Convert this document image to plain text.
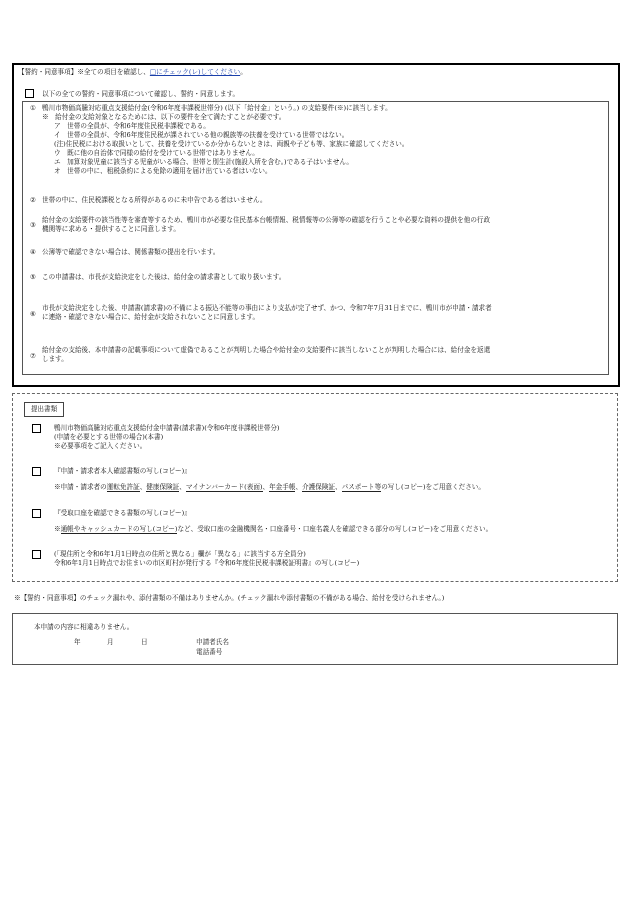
【誓約・同意事項】※全ての項目を確認し、□にチェック(レ)してください。
以下の全ての誓約・同意事項について確認し、誓約・同意します。
① 鴨川市物価高騰対応重点支援給付金(令和6年度非課税世帯分) (以下「給付金」という。) の支給要件(※)に該当します。
※　給付金の支給対象となるためには、以下の要件を全て満たすことが必要です。
ア　世帯の全員が、令和6年度住民税非課税である。
イ　世帯の全員が、令和6年度住民税が課されている他の親族等の扶養を受けている世帯ではない。
(注)住民税における取扱いとして、扶養を受けているか分からないときは、両親や子ども等、家族に確認してください。
ウ　既に他の自治体で同様の給付を受けている世帯ではありません。
エ　加算対象児童に該当する児童がいる場合、世帯と別生計(施設入所を含む。)である子はいません。
オ　世帯の中に、租税条約による免除の適用を届け出ている者はいない。
② 世帯の中に、住民税課税となる所得があるのに未申告である者はいません。
③
給付金の支給要件の該当性等を審査等するため、鴨川市が必要な住民基本台帳情報、税情報等の公簿等の確認を行うことや必要な資料の提供を他の行政
機関等に求める・提供することに同意します。
④ 公簿等で確認できない場合は、関係書類の提出を行います。
⑤ この申請書は、市長が支給決定をした後は、給付金の請求書として取り扱います。
⑥
市長が支給決定をした後、申請書(請求書)の不備による振込不能等の事由により支払が完了せず、かつ、令和7年7月31日までに、鴨川市が申請・請求者
に連絡・確認できない場合に、給付金が支給されないことに同意します。
⑦
給付金の支給後、本申請書の記載事項について虚偽であることが判明した場合や給付金の支給要件に該当しないことが判明した場合には、給付金を返還
します。
提出書類
鴨川市物価高騰対応重点支援給付金申請書(請求書)(令和6年度非課税世帯分)
(申請を必要とする世帯の場合)(本書)
※必要事項をご記入ください。
『申請・請求者本人確認書類の写し(コピー)』
※申請・請求者の運転免許証、健康保険証、マイナンバーカード(表面)、年金手帳、介護保険証、パスポート等の写し(コピー)をご用意ください。
『受取口座を確認できる書類の写し(コピー)』
※通帳やキャッシュカードの写し(コピー)など、受取口座の金融機関名・口座番号・口座名義人を確認できる部分の写し(コピー)をご用意ください。
(「現住所と令和6年1月1日時点の住所と異なる」欄が「異なる」に該当する方全員分)
令和6年1月1日時点でお住まいの市区町村が発行する『令和6年度住民税非課税証明書』の写し(コピー)
※【誓約・同意事項】のチェック漏れや、添付書類の不備はありませんか。(チェック漏れや添付書類の不備がある場合、給付を受けられません。)
本申請の内容に相違ありません。
年	月	日	申請者氏名
電話番号
